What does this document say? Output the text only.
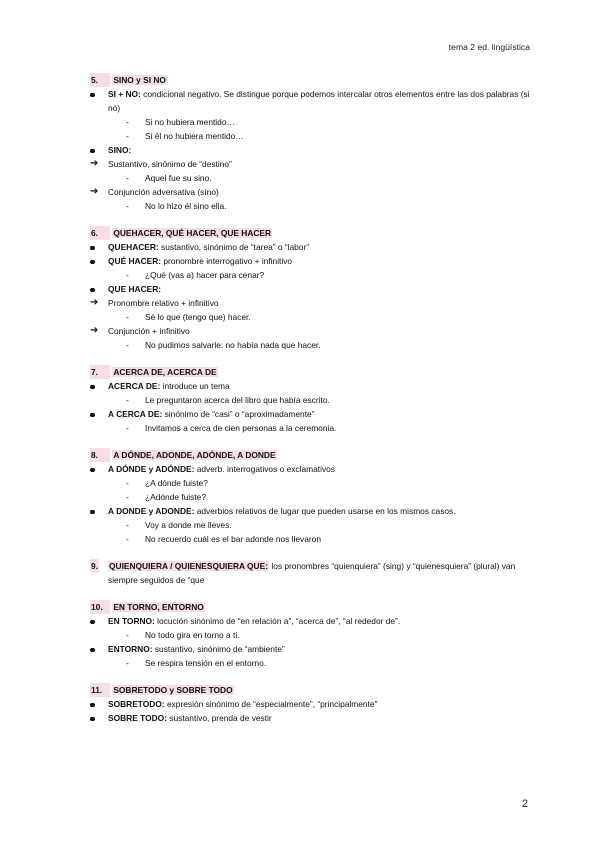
tema 2 ed. lingüística
5. SINO y SI NO
SI + NO: condicional negativo. Se distingue porque podemos intercalar otros elementos entre las dos palabras (si nó)
- Si no hubiera mentido…
- Si él no hubiera mentido…
SINO:
➔	Sustantivo, sinónimo de “destino”
- Aquel fue su sino.
➔	Conjunción adversativa (síno)
- No lo hizo él sino ella.
6. QUEHACER, QUÉ HACER, QUE HACER
QUEHACER: sustantivo, sinónimo de “tarea” o “labor”
QUÉ HACER: pronombre interrogativo + infinitivo
- ¿Qué (vas a) hacer para cenar?
QUE HACER:
➔	Pronombre relativo + infinitivo
- Sé lo que (tengo que) hacer.
➔	Conjunción + infinitivo
- No pudimos salvarle: no había nada que hacer.
7. ACERCA DE, ACERCA DE
ACERCA DE: introduce un tema
- Le preguntaron acerca del libro que había escrito.
A CERCA DE: sinónimo de “casi” o “aproximadamente”
- Invitamos a cerca de cien personas a la ceremonia.
8. A DÓNDE, ADONDE, ADÓNDE, A DONDE
A DÓNDE y ADÓNDE: adverb. interrogativos o exclamativos
- ¿A dónde fuiste?
- ¿Adónde fuiste?
A DONDE y ADONDE: adverbios relativos de lugar que pueden usarse en los mismos casos.
- Voy a donde me lleves.
- No recuerdo cuál es el bar adonde nos llevaron
9. QUIENQUIERA / QUIENESQUIERA QUE: los pronombres “quienquiera” (sing) y “quienesquiera” (plural) van siempre seguidos de “que
10. EN TORNO, ENTORNO
EN TORNO: locución sinónimo de “en relación a”, “acerca de”, “al rededor de”.
- No todo gira en torno a ti.
ENTORNO: sustantivo, sinónimo de “ambiente”
- Se respira tensión en el entorno.
11. SOBRETODO y SOBRE TODO
SOBRETODO: expresión sinónimo de “especialmente”, “principalmente”
SOBRE TODO: sustantivo, prenda de vestir
2
